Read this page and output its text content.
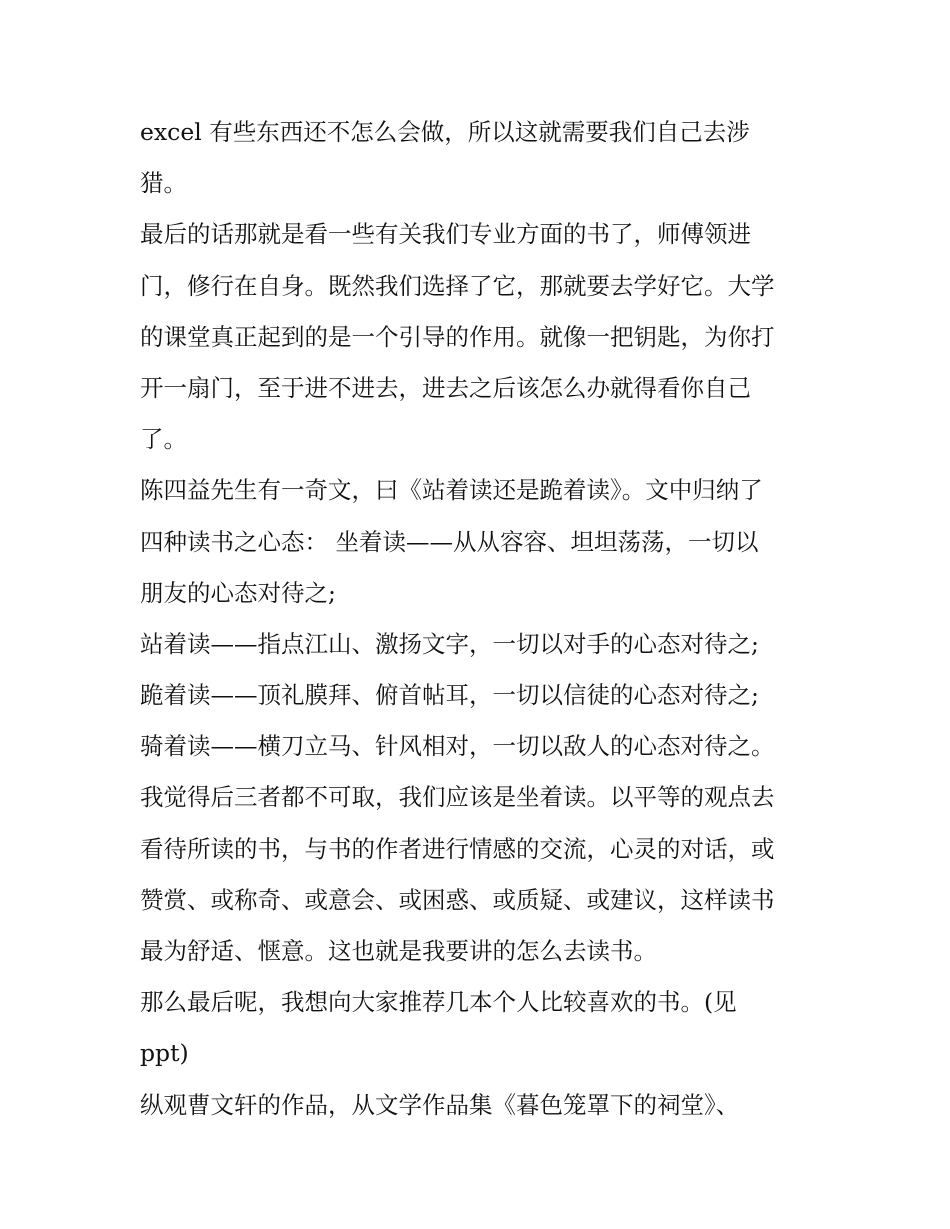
excel 有些东西还不怎么会做，所以这就需要我们自己去涉
猎。
最后的话那就是看一些有关我们专业方面的书了，师傅领进
门，修行在自身。既然我们选择了它，那就要去学好它。大学
的课堂真正起到的是一个引导的作用。就像一把钥匙，为你打
开一扇门，至于进不进去，进去之后该怎么办就得看你自己
了。
陈四益先生有一奇文，曰《站着读还是跪着读》。文中归纳了
四种读书之心态： 坐着读——从从容容、坦坦荡荡，一切以
朋友的心态对待之;
站着读——指点江山、激扬文字，一切以对手的心态对待之;
跪着读——顶礼膜拜、俯首帖耳，一切以信徒的心态对待之;
骑着读——横刀立马、针风相对，一切以敌人的心态对待之。
我觉得后三者都不可取，我们应该是坐着读。以平等的观点去
看待所读的书，与书的作者进行情感的交流，心灵的对话，或
赞赏、或称奇、或意会、或困惑、或质疑、或建议，这样读书
最为舒适、惬意。这也就是我要讲的怎么去读书。
那么最后呢，我想向大家推荐几本个人比较喜欢的书。(见
ppt)
纵观曹文轩的作品，从文学作品集《暮色笼罩下的祠堂》、
